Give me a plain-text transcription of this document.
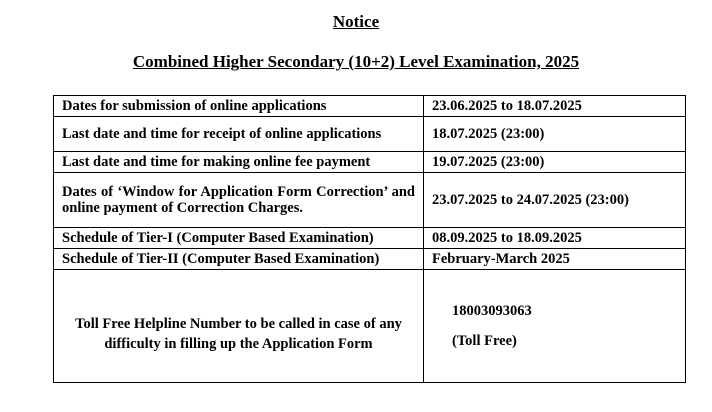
Notice
Combined Higher Secondary (10+2) Level Examination, 2025
Dates for submission of online applications	23.06.2025 to 18.07.2025
Last date and time for receipt of online applications	18.07.2025 (23:00)
Last date and time for making online fee payment	19.07.2025 (23:00)
Dates of ‘Window for Application Form Correction’ and online payment of Correction Charges.	23.07.2025 to 24.07.2025 (23:00)
Schedule of Tier-I (Computer Based Examination)	08.09.2025 to 18.09.2025
Schedule of Tier-II (Computer Based Examination)	February-March 2025

Toll Free Helpline Number to be called in case of any difficulty in filling up the Application Form	18003093063
(Toll Free)
